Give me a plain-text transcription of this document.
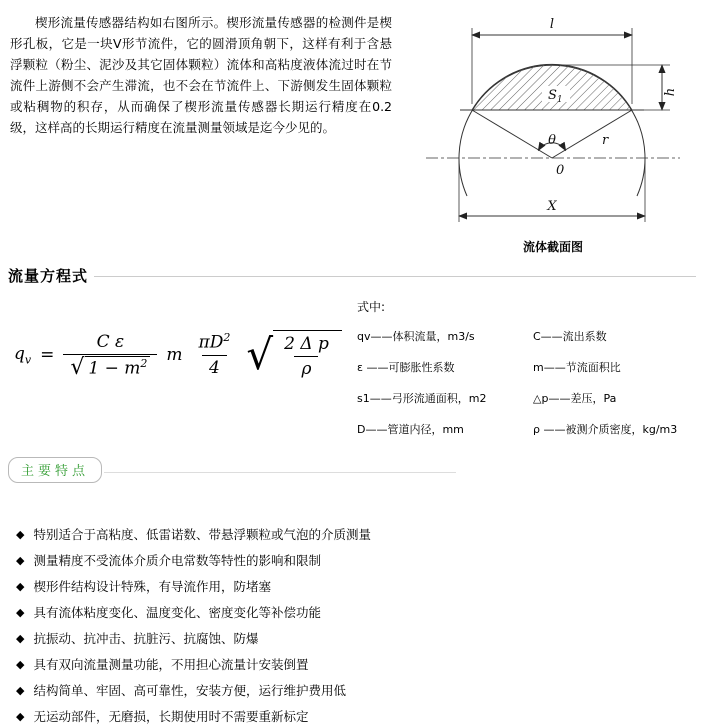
楔形流量传感器结构如右图所示。楔形流量传感器的检测件是楔形孔板，它是一块V形节流件，它的圆滑顶角朝下，这样有利于含悬浮颗粒（粉尘、泥沙及其它固体颗粒）流体和高粘度液体流过时在节流件上游侧不会产生滞流，也不会在节流件上、下游侧发生固体颗粒或粘稠物的积存，从而确保了楔形流量传感器长期运行精度在0.2级，这样高的长期运行精度在流量测量领域是迄今少见的。
l
h
$S_1$
θ	r
0
X
流体截面图
流量方程式
$q_v = \frac{\text{C ε}}{√ 1 - m^2}$ m $\frac{\pi D^2}{4}$ √ $\frac{\text{2 Δ p}}{\rho}$
式中:
qv——体积流量，m3/s	C——流出系数
ε ——可膨胀性系数	m——节流面积比
s1——弓形流通面积，m2	△p——差压，Pa
D——管道内径，mm	ρ ——被测介质密度，kg/m3
主要特点
◆ 特别适合于高粘度、低雷诺数、带悬浮颗粒或气泡的介质测量
◆ 测量精度不受流体介质介电常数等特性的影响和限制
◆ 楔形件结构设计特殊，有导流作用，防堵塞
◆ 具有流体粘度变化、温度变化、密度变化等补偿功能
◆ 抗振动、抗冲击、抗脏污、抗腐蚀、防爆
◆ 具有双向流量测量功能，不用担心流量计安装倒置
◆ 结构简单、牢固、高可靠性，安装方便，运行维护费用低
◆ 无运动部件，无磨损，长期使用时不需要重新标定
